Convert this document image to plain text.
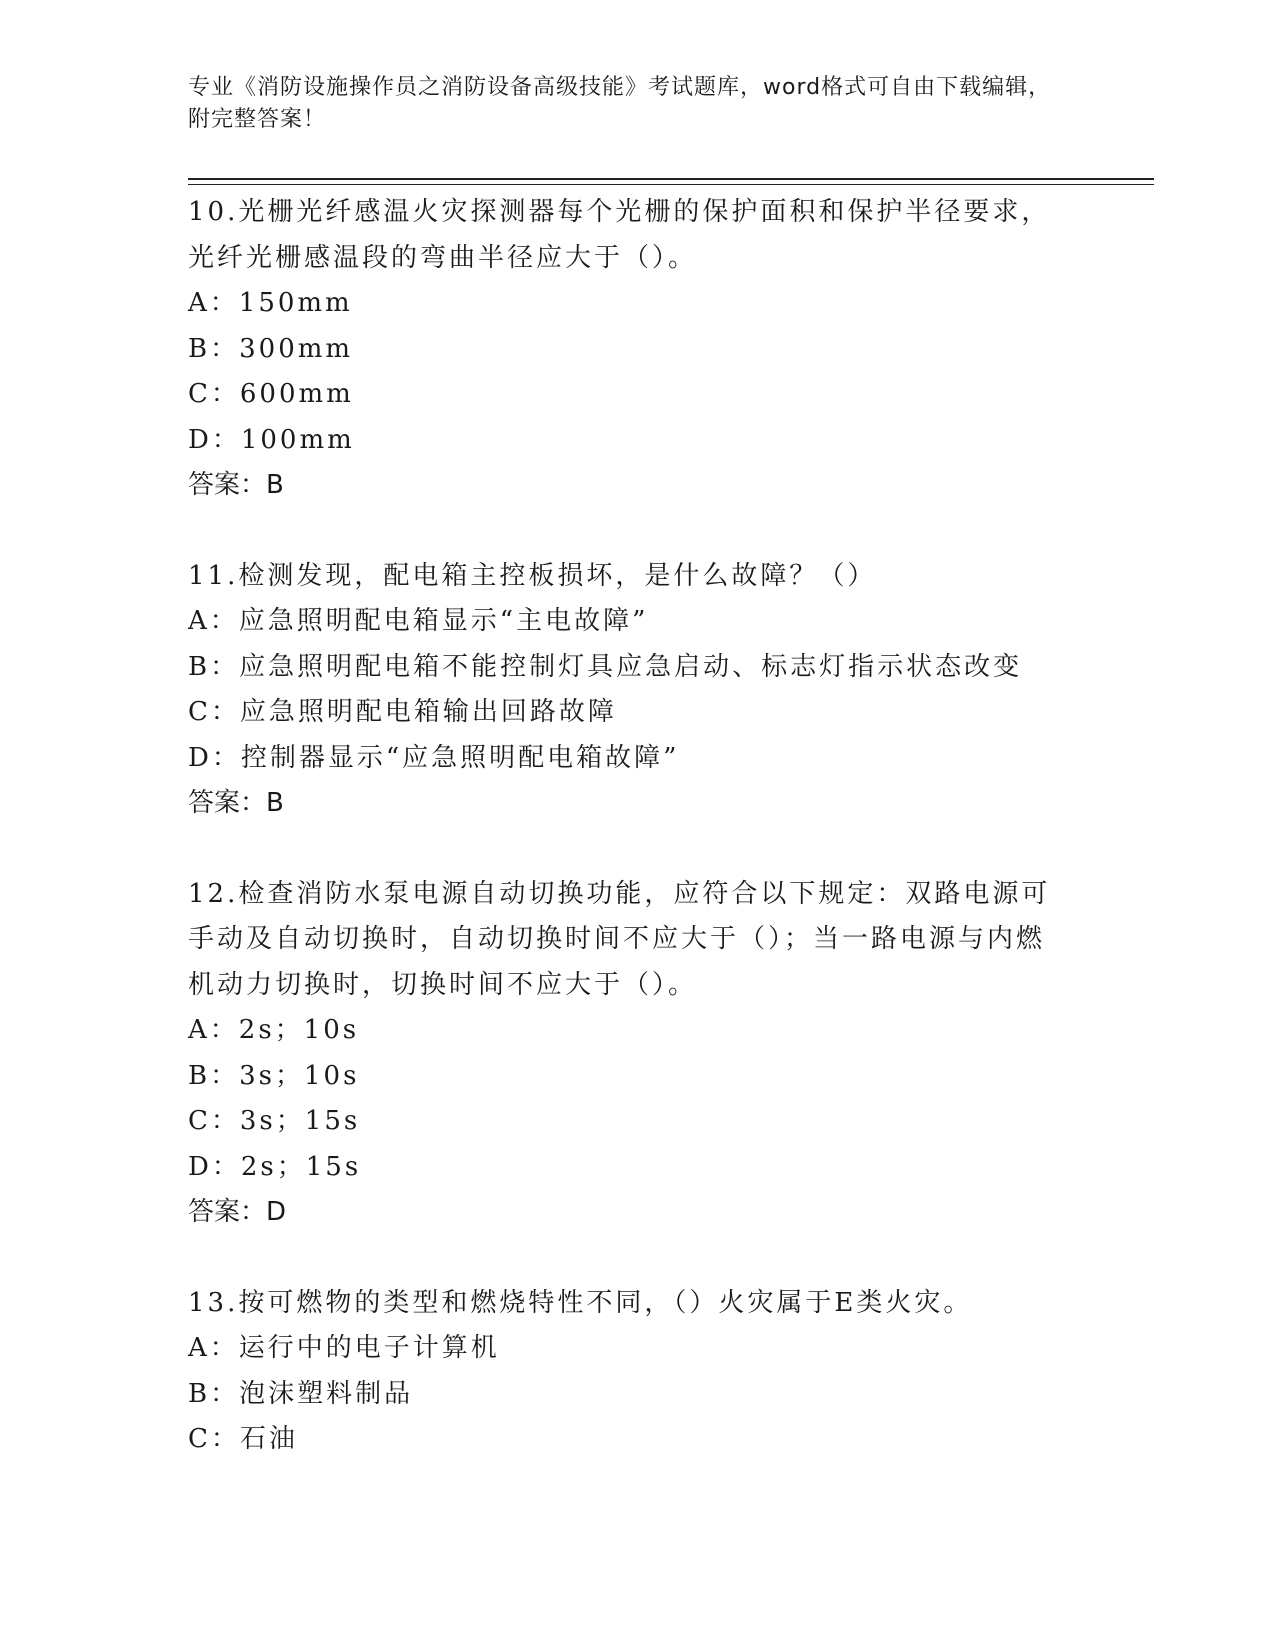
专业《消防设施操作员之消防设备高级技能》考试题库，word格式可自由下载编辑，附完整答案！

10.光栅光纤感温火灾探测器每个光栅的保护面积和保护半径要求，光纤光栅感温段的弯曲半径应大于（）。

A：150mm

B：300mm

C：600mm

D：100mm

答案：B

11.检测发现，配电箱主控板损坏，是什么故障？（）

A：应急照明配电箱显示“主电故障”

B：应急照明配电箱不能控制灯具应急启动、标志灯指示状态改变

C：应急照明配电箱输出回路故障

D：控制器显示“应急照明配电箱故障”

答案：B

12.检查消防水泵电源自动切换功能，应符合以下规定：双路电源可手动及自动切换时，自动切换时间不应大于（）；当一路电源与内燃机动力切换时，切换时间不应大于（）。

A：2s；10s

B：3s；10s

C：3s；15s

D：2s；15s

答案：D

13.按可燃物的类型和燃烧特性不同，（）火灾属于E类火灾。

A：运行中的电子计算机

B：泡沫塑料制品

C：石油
